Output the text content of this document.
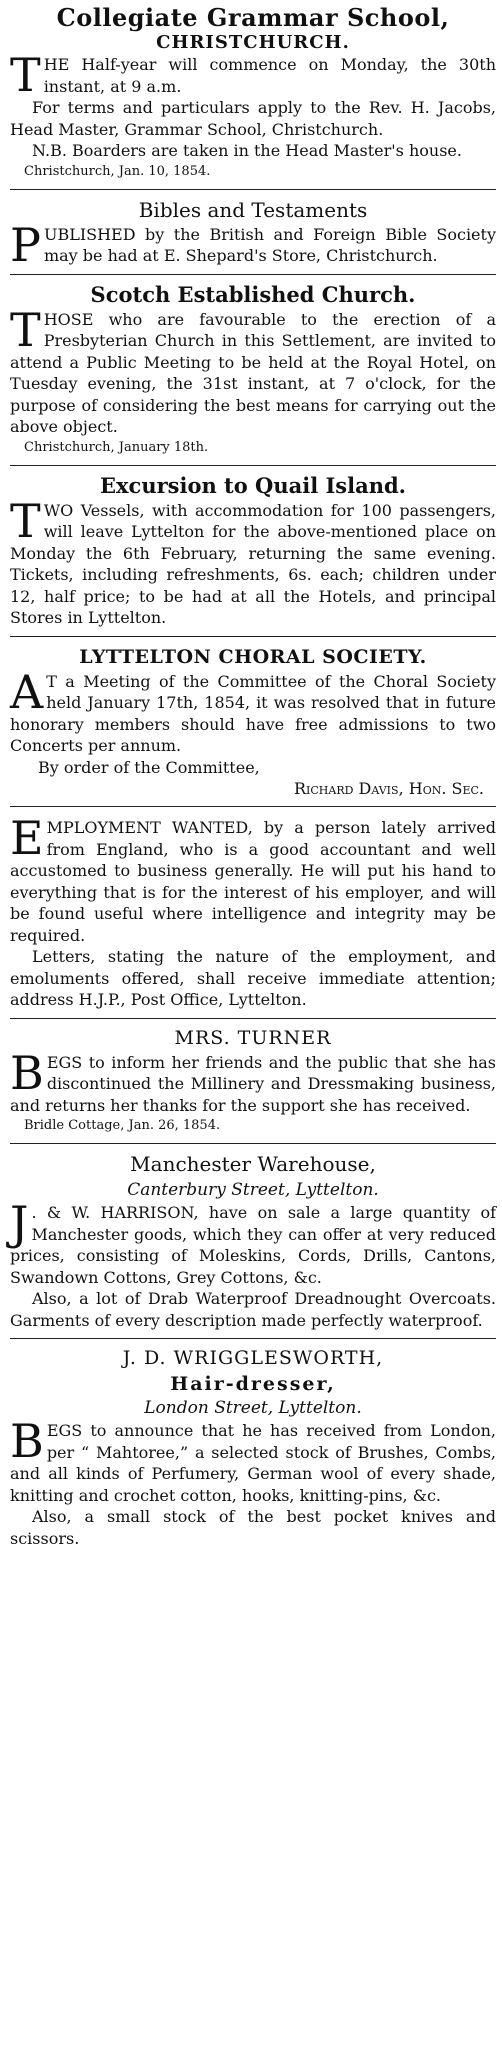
Collegiate Grammar School,
CHRISTCHURCH.

THE Half-year will commence on Monday, the 30th instant, at 9 a.m.

For terms and particulars apply to the Rev. H. Jacobs, Head Master, Grammar School, Christchurch.

N.B. Boarders are taken in the Head Master's house.

Christchurch, Jan. 10, 1854.
Bibles and Testaments

PUBLISHED by the British and Foreign Bible Society may be had at E. Shepard's Store, Christchurch.

Scotch Established Church.

THOSE who are favourable to the erection of a Presbyterian Church in this Settlement, are invited to attend a Public Meeting to be held at the Royal Hotel, on Tuesday evening, the 31st instant, at 7 o'clock, for the purpose of considering the best means for carrying out the above object.

Christchurch, January 18th.
Excursion to Quail Island.

TWO Vessels, with accommodation for 100 passengers, will leave Lyttelton for the above-mentioned place on Monday the 6th February, returning the same evening. Tickets, including refreshments, 6s. each; children under 12, half price; to be had at all the Hotels, and principal Stores in Lyttelton.

LYTTELTON CHORAL SOCIETY.

A T a Meeting of the Committee of the Choral Society held January 17th, 1854, it was resolved that in future honorary members should have free admissions to two Concerts per annum.

By order of the Committee,

Richard Davis, Hon. Sec.

EMPLOYMENT WANTED, by a person lately arrived from England, who is a good accountant and well accustomed to business generally. He will put his hand to everything that is for the interest of his employer, and will be found useful where intelligence and integrity may be required.

Letters, stating the nature of the employment, and emoluments offered, shall receive immediate attention; address H.J.P., Post Office, Lyttelton.

MRS. TURNER

BEGS to inform her friends and the public that she has discontinued the Millinery and Dressmaking business, and returns her thanks for the support she has received.

Bridle Cottage, Jan. 26, 1854.
Manchester Warehouse,
Canterbury Street, Lyttelton.

J . & W. HARRISON, have on sale a large quantity of Manchester goods, which they can offer at very reduced prices, consisting of Moleskins, Cords, Drills, Cantons, Swandown Cottons, Grey Cottons, &c.

Also, a lot of Drab Waterproof Dreadnought Overcoats. Garments of every description made perfectly waterproof.

J. D. WRIGGLESWORTH,
Hair-dresser,
London Street, Lyttelton.

BEGS to announce that he has received from London, per “ Mahtoree,” a selected stock of Brushes, Combs, and all kinds of Perfumery, German wool of every shade, knitting and crochet cotton, hooks, knitting-pins, &c.

Also, a small stock of the best pocket knives and scissors.
